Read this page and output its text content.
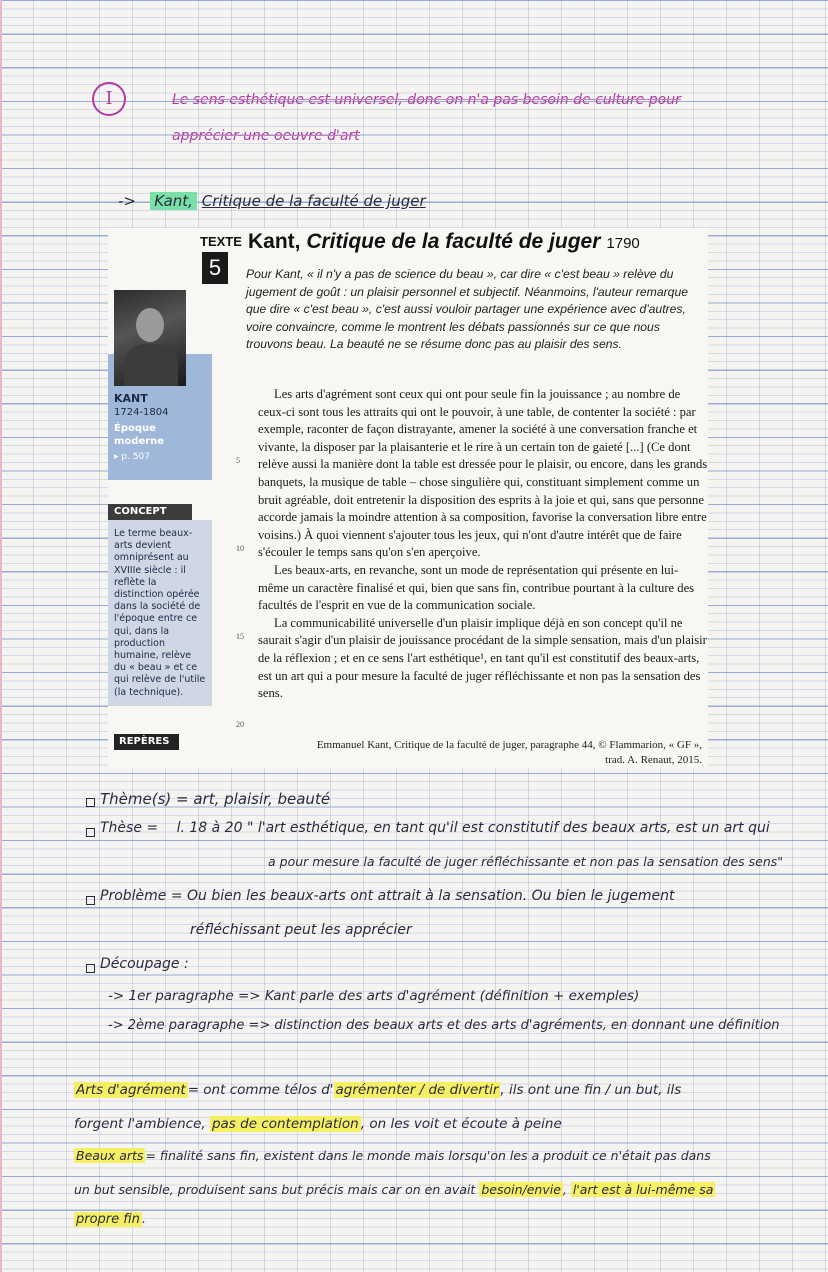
I	Le sens esthétique est universel, donc on n'a pas besoin de culture pour
apprécier une oeuvre d'art
-> Kant, Critique de la faculté de juger
KANT
1724-1804
Époque moderne
▸ p. 507
CONCEPT
Le terme beaux-arts devient omniprésent au XVIIIe siècle : il reflète la distinction opérée dans la société de l'époque entre ce qui, dans la production humaine, relève du « beau » et ce qui relève de l'utile (la technique).
REPÈRES
TEXTE
5
Kant, Critique de la faculté de juger 1790
Pour Kant, « il n'y a pas de science du beau », car dire « c'est beau » relève du jugement de goût : un plaisir personnel et subjectif. Néanmoins, l'auteur remarque que dire « c'est beau », c'est aussi vouloir partager une expérience avec d'autres, voire convaincre, comme le montrent les débats passionnés sur ce que nous trouvons beau. La beauté ne se résume donc pas au plaisir des sens.

Les arts d'agrément sont ceux qui ont pour seule fin la jouissance ; au nombre de ceux-ci sont tous les attraits qui ont le pouvoir, à une table, de contenter la société : par exemple, raconter de façon distrayante, amener la société à une conversation franche et vivante, la disposer par la plaisanterie et le rire à un certain ton de gaieté [...] (Ce dont relève aussi la manière dont la table est dressée pour le plaisir, ou encore, dans les grands banquets, la musique de table – chose singulière qui, constituant simplement comme un bruit agréable, doit entretenir la disposition des esprits à la joie et qui, sans que personne accorde jamais la moindre attention à sa composition, favorise la conversation libre entre voisins.) À quoi viennent s'ajouter tous les jeux, qui n'ont d'autre intérêt que de faire s'écouler le temps sans qu'on s'en aperçoive.

Les beaux-arts, en revanche, sont un mode de représentation qui présente en lui-même un caractère finalisé et qui, bien que sans fin, contribue pourtant à la culture des facultés de l'esprit en vue de la communication sociale.

La communicabilité universelle d'un plaisir implique déjà en son concept qu'il ne saurait s'agir d'un plaisir de jouissance procédant de la simple sensation, mais d'un plaisir de la réflexion ; et en ce sens l'art esthétique¹, en tant qu'il est constitutif des beaux-arts, est un art qui a pour mesure la faculté de juger réfléchissante et non pas la sensation des sens.

5
10
15
20
Emmanuel Kant, Critique de la faculté de juger, paragraphe 44, © Flammarion, « GF »,
trad. A. Renaut, 2015.
Thème(s) = art, plaisir, beauté
Thèse = l. 18 à 20 " l'art esthétique, en tant qu'il est constitutif des beaux arts, est un art qui
a pour mesure la faculté de juger réfléchissante et non pas la sensation des sens"
Problème = Ou bien les beaux-arts ont attrait à la sensation. Ou bien le jugement
réfléchissant peut les apprécier
Découpage :
-> 1er paragraphe => Kant parle des arts d'agrément (définition + exemples)
-> 2ème paragraphe => distinction des beaux arts et des arts d'agréments, en donnant une définition
Arts d'agrément = ont comme télos d' agrémenter / de divertir , ils ont une fin / un but, ils
forgent l'ambience, pas de contemplation , on les voit et écoute à peine
Beaux arts = finalité sans fin, existent dans le monde mais lorsqu'on les a produit ce n'était pas dans
un but sensible, produisent sans but précis mais car on en avait besoin/envie , l'art est à lui-même sa
propre fin .
